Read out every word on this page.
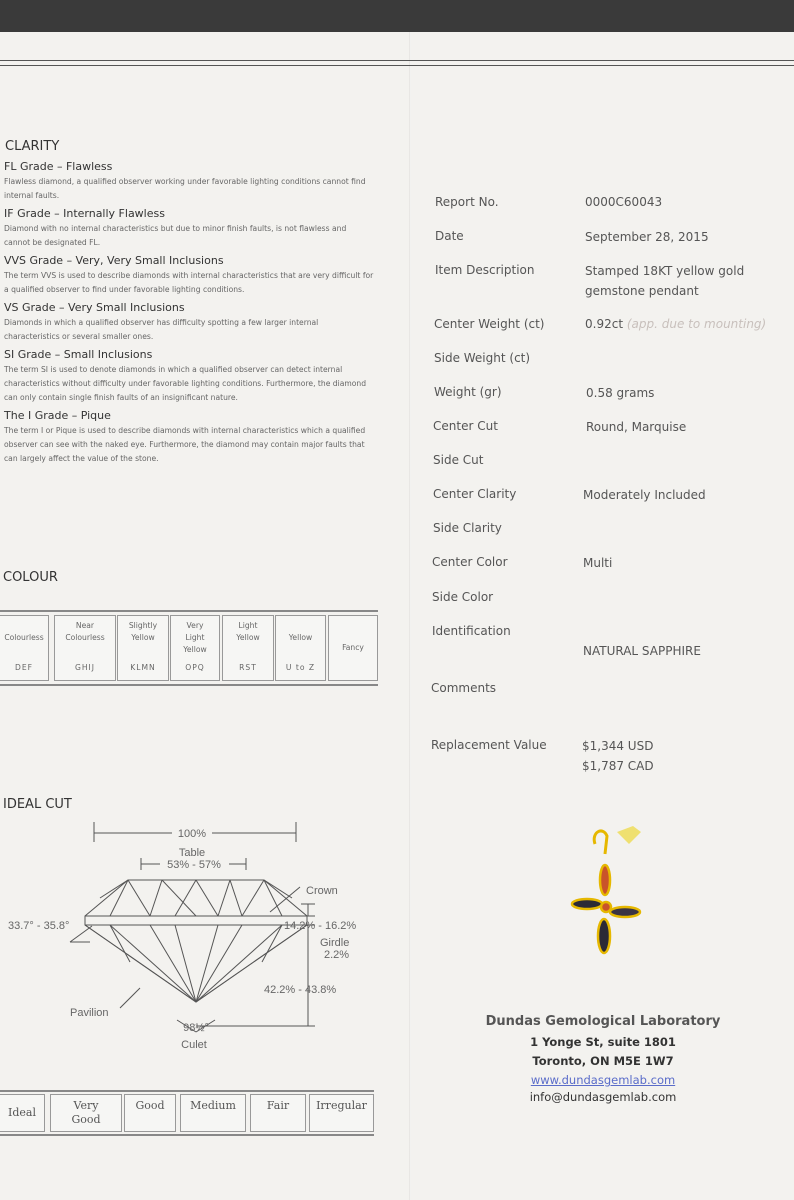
CLARITY
FL Grade – Flawless
Flawless diamond, a qualified observer working under favorable lighting conditions cannot find internal faults.
IF Grade – Internally Flawless
Diamond with no internal characteristics but due to minor finish faults, is not flawless and cannot be designated FL.
VVS Grade – Very, Very Small Inclusions
The term VVS is used to describe diamonds with internal characteristics that are very difficult for a qualified observer to find under favorable lighting conditions.
VS Grade – Very Small Inclusions
Diamonds in which a qualified observer has difficulty spotting a few larger internal characteristics or several smaller ones.
SI Grade – Small Inclusions
The term SI is used to denote diamonds in which a qualified observer can detect internal characteristics without difficulty under favorable lighting conditions. Furthermore, the diamond can only contain single finish faults of an insignificant nature.
The I Grade – Pique
The term I or Pique is used to describe diamonds with internal characteristics which a qualified observer can see with the naked eye. Furthermore, the diamond may contain major faults that can largely affect the value of the stone.
COLOUR
Colourless
DEF
Near
Colourless
GHIJ
Slightly
Yellow
KLMN
Very
Light
Yellow
OPQ
Light
Yellow
RST
Yellow
U to Z
Fancy
IDEAL CUT
100%
Table
53% - 57%
Crown
33.7° - 35.8°	14.2% - 16.2%
Girdle
2.2%
42.2% - 43.8%
Pavilion
Culet
98½°
Ideal
Very
Good
Good	Medium	Fair	Irregular
Report No.	0000C60043
Date	September 28, 2015
Item Description	Stamped 18KT yellow gold gemstone pendant
Center Weight (ct)	0.92ct (app. due to mounting)
Side Weight (ct)
Weight (gr)	0.58 grams
Center Cut	Round, Marquise
Side Cut
Center Clarity	Moderately Included
Side Clarity
Center Color	Multi
Side Color
Identification
NATURAL SAPPHIRE
Comments
Replacement Value	$1,344 USD
$1,787 CAD
Dundas Gemological Laboratory
1 Yonge St, suite 1801
Toronto, ON M5E 1W7
www.dundasgemlab.com
info@dundasgemlab.com
